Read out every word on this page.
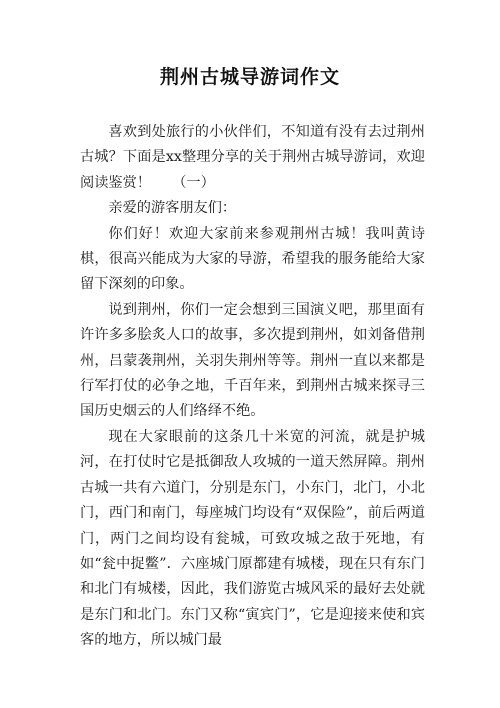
荆州古城导游词作文

喜欢到处旅行的小伙伴们，不知道有没有去过荆州古城？下面是xx整理分享的关于荆州古城导游词，欢迎阅读鉴赏！　　（一）

亲爱的游客朋友们：

你们好！欢迎大家前来参观荆州古城！我叫黄诗棋，很高兴能成为大家的导游，希望我的服务能给大家留下深刻的印象。

说到荆州，你们一定会想到三国演义吧，那里面有许许多多脍炙人口的故事，多次提到荆州，如刘备借荆州，吕蒙袭荆州，关羽失荆州等等。荆州一直以来都是行军打仗的必争之地，千百年来，到荆州古城来探寻三国历史烟云的人们络绎不绝。

现在大家眼前的这条几十米宽的河流，就是护城河，在打仗时它是抵御敌人攻城的一道天然屏障。荆州古城一共有六道门，分别是东门，小东门，北门，小北门，西门和南门，每座城门均设有“双保险”，前后两道门，两门之间均设有瓮城，可致攻城之敌于死地，有如“瓮中捉鳖”．六座城门原都建有城楼，现在只有东门和北门有城楼，因此，我们游览古城风采的最好去处就是东门和北门。东门又称“寅宾门”，它是迎接来使和宾客的地方，所以城门最
